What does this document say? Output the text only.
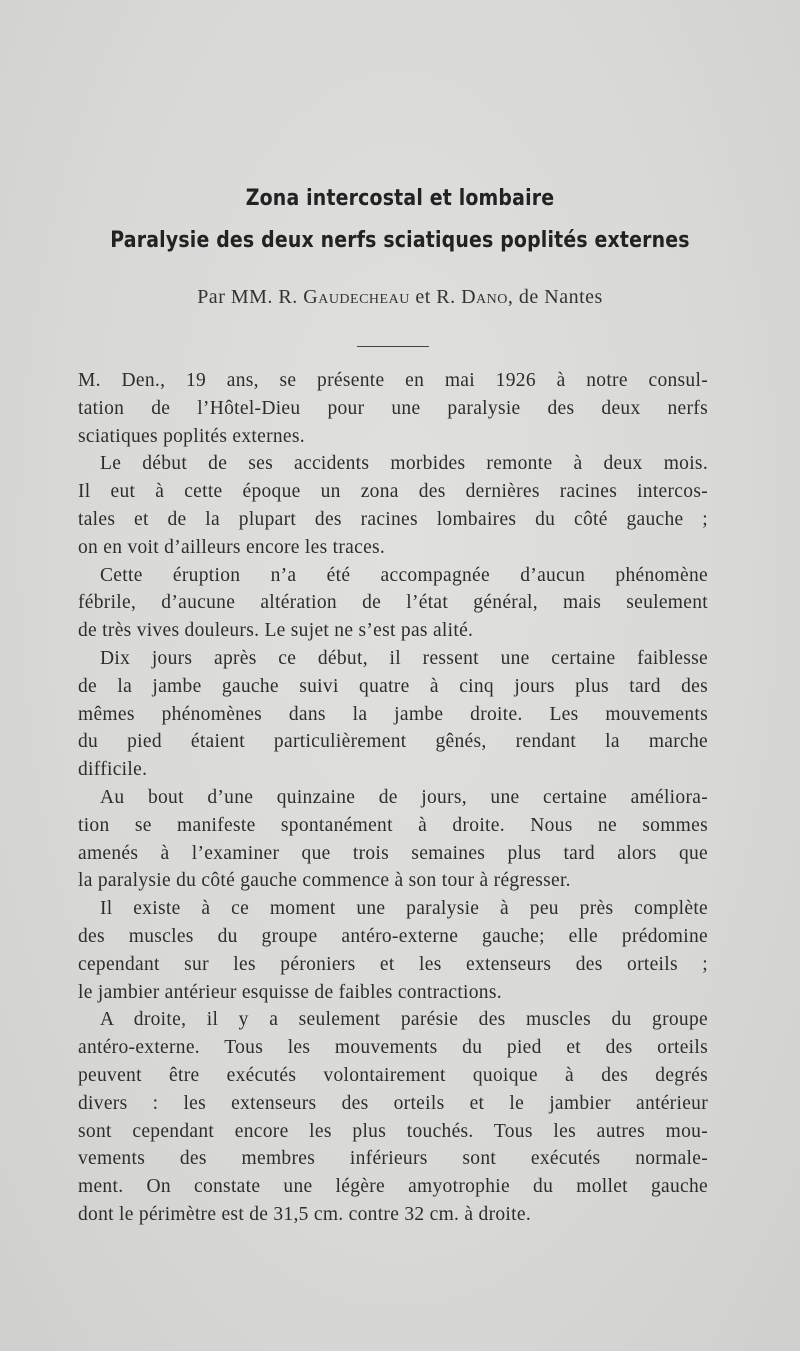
Zona intercostal et lombaire
Paralysie des deux nerfs sciatiques poplités externes
Par MM. R. Gaudecheau et R. Dano, de Nantes
M. Den., 19 ans, se présente en mai 1926 à notre consul-
tation de l’Hôtel-Dieu pour une paralysie des deux nerfs
sciatiques poplités externes.
Le début de ses accidents morbides remonte à deux mois.
Il eut à cette époque un zona des dernières racines intercos-
tales et de la plupart des racines lombaires du côté gauche ;
on en voit d’ailleurs encore les traces.
Cette éruption n’a été accompagnée d’aucun phénomène
fébrile, d’aucune altération de l’état général, mais seulement
de très vives douleurs. Le sujet ne s’est pas alité.
Dix jours après ce début, il ressent une certaine faiblesse
de la jambe gauche suivi quatre à cinq jours plus tard des
mêmes phénomènes dans la jambe droite. Les mouvements
du pied étaient particulièrement gênés, rendant la marche
difficile.
Au bout d’une quinzaine de jours, une certaine améliora-
tion se manifeste spontanément à droite. Nous ne sommes
amenés à l’examiner que trois semaines plus tard alors que
la paralysie du côté gauche commence à son tour à régresser.
Il existe à ce moment une paralysie à peu près complète
des muscles du groupe antéro-externe gauche; elle prédomine
cependant sur les péroniers et les extenseurs des orteils ;
le jambier antérieur esquisse de faibles contractions.
A droite, il y a seulement parésie des muscles du groupe
antéro-externe. Tous les mouvements du pied et des orteils
peuvent être exécutés volontairement quoique à des degrés
divers : les extenseurs des orteils et le jambier antérieur
sont cependant encore les plus touchés. Tous les autres mou-
vements des membres inférieurs sont exécutés normale-
ment. On constate une légère amyotrophie du mollet gauche
dont le périmètre est de 31,5 cm. contre 32 cm. à droite.
